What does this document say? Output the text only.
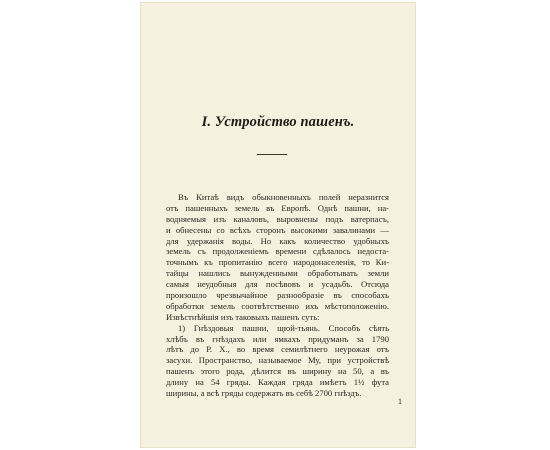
I. Устройство пашенъ.
Въ Китаѣ видъ обыкновенныхъ полей неразнится
отъ пашенныхъ земель въ Европѣ. Однѣ пашни, на-
водняемыя изъ каналовъ, выровнены подъ ватерпасъ,
и обнесены со всѣхъ сторонъ высокими завалинами —
для удержанія воды. Но какъ количество удобныхъ
земель съ продолженіемъ времени сдѣлалось недоста-
точнымъ къ пропитанію всего народонаселенія, то Ки-
тайцы нашлись вынужденными обработывать земли
самыя неудобныя для посѣвовъ и усадьбъ. Отсюда
произошло чрезвычайное разнообразіе въ способахъ
обработки земель соотвѣтственно ихъ мѣстоположенію.
Извѣстнѣйшія изъ таковыхъ пашенъ суть:
1) Гнѣздовыя пашни, щюй-тьянь. Способъ сѣять
хлѣбъ въ гнѣздахъ или ямкахъ придуманъ за 1790
лѣтъ до Р. Х., во время семилѣтнего неурожая отъ
засухи. Пространство, называемое Му, при устройствѣ
пашенъ этого рода, дѣлится въ ширину на 50, а въ
длину на 54 гряды. Каждая гряда имѣетъ 1½ фута
ширины, а всѣ гряды содержатъ въ себѣ 2700 гнѣздъ.
1
